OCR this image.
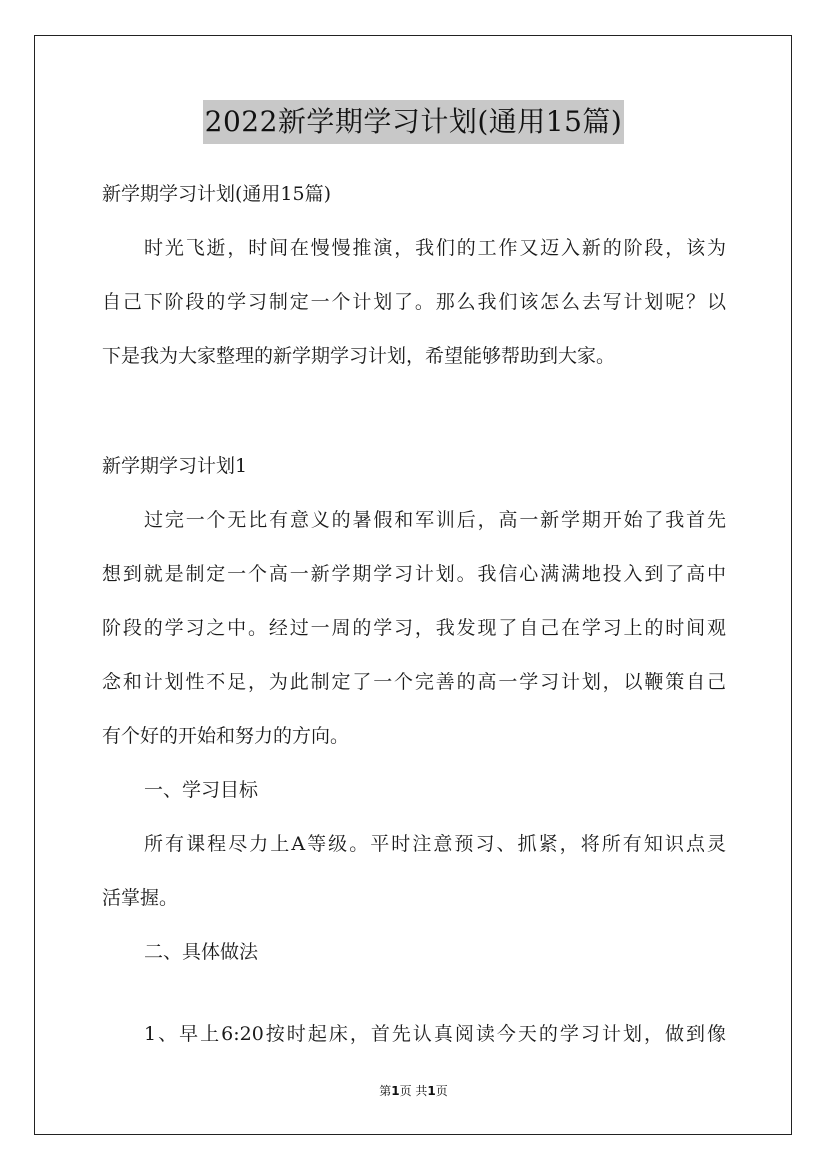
2022新学期学习计划(通用15篇)
新学期学习计划(通用15篇)
时光飞逝，时间在慢慢推演，我们的工作又迈入新的阶段，该为
自己下阶段的学习制定一个计划了。那么我们该怎么去写计划呢？以
下是我为大家整理的新学期学习计划，希望能够帮助到大家。
新学期学习计划1
过完一个无比有意义的暑假和军训后，高一新学期开始了我首先
想到就是制定一个高一新学期学习计划。我信心满满地投入到了高中
阶段的学习之中。经过一周的学习，我发现了自己在学习上的时间观
念和计划性不足，为此制定了一个完善的高一学习计划，以鞭策自己
有个好的开始和努力的方向。
一、学习目标
所有课程尽力上A等级。平时注意预习、抓紧，将所有知识点灵
活掌握。
二、具体做法
1、早上6:20按时起床，首先认真阅读今天的学习计划，做到像
第1页 共1页
